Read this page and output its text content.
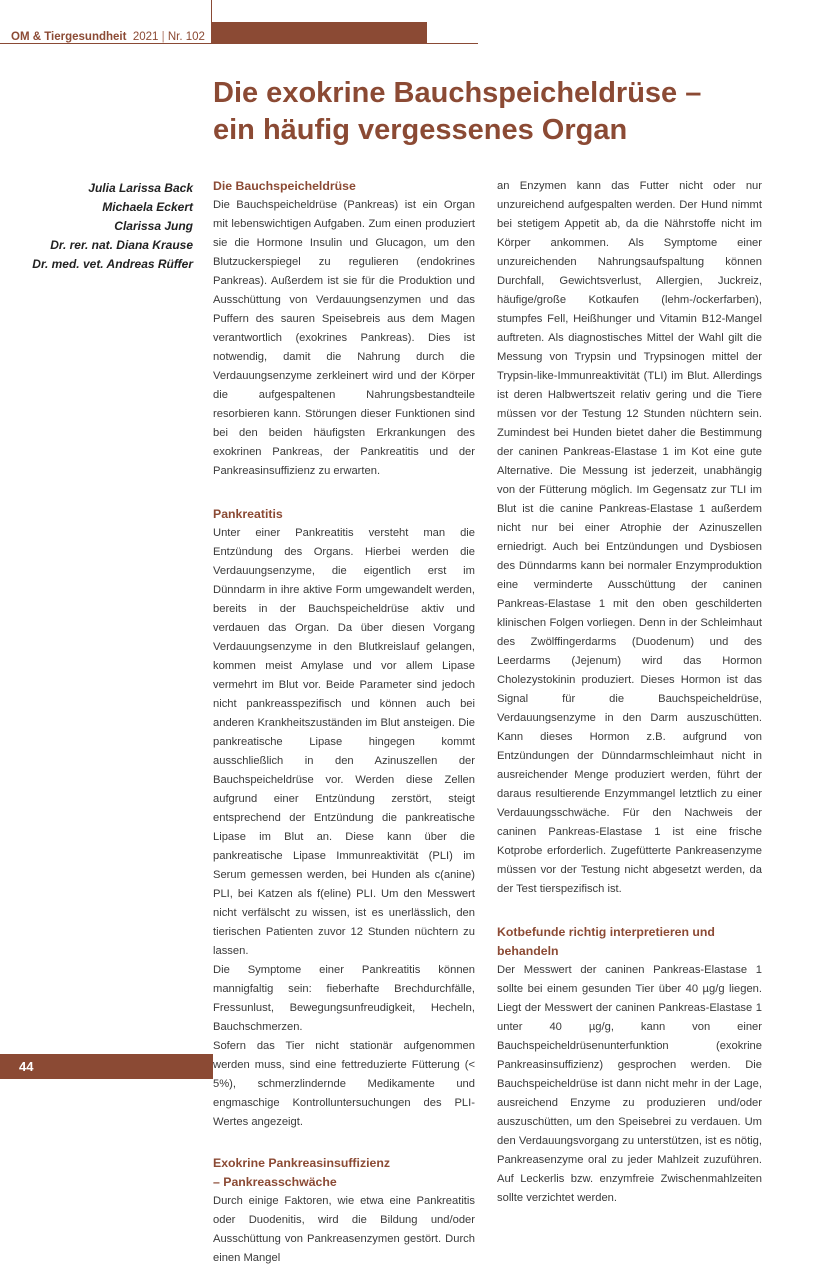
OM & Tiergesundheit 2021 | Nr. 102
Die exokrine Bauchspeicheldrüse –
ein häufig vergessenes Organ
Julia Larissa Back
Michaela Eckert
Clarissa Jung
Dr. rer. nat. Diana Krause
Dr. med. vet. Andreas Rüffer
Die Bauchspeicheldrüse

Die Bauchspeicheldrüse (Pankreas) ist ein Organ mit lebenswichtigen Aufgaben. Zum einen produziert sie die Hormone Insulin und Glucagon, um den Blutzuckerspiegel zu regulieren (endokrines Pankreas). Außerdem ist sie für die Produktion und Ausschüttung von Verdauungsenzymen und das Puffern des sauren Speisebreis aus dem Magen verantwortlich (exokrines Pankreas). Dies ist notwendig, damit die Nahrung durch die Verdauungsenzyme zerkleinert wird und der Körper die aufgespaltenen Nahrungsbestandteile resorbieren kann. Störungen dieser Funktionen sind bei den beiden häufigsten Erkrankungen des exokrinen Pankreas, der Pankreatitis und der Pankreasinsuffizienz zu erwarten.

Pankreatitis

Unter einer Pankreatitis versteht man die Entzündung des Organs. Hierbei werden die Verdauungsenzyme, die eigentlich erst im Dünndarm in ihre aktive Form umgewandelt werden, bereits in der Bauchspeicheldrüse aktiv und verdauen das Organ. Da über diesen Vorgang Verdauungsenzyme in den Blutkreislauf gelangen, kommen meist Amylase und vor allem Lipase vermehrt im Blut vor. Beide Parameter sind jedoch nicht pankreasspezifisch und können auch bei anderen Krankheitszuständen im Blut ansteigen. Die pankreatische Lipase hingegen kommt ausschließlich in den Azinuszellen der Bauchspeicheldrüse vor. Werden diese Zellen aufgrund einer Entzündung zerstört, steigt entsprechend der Entzündung die pankreatische Lipase im Blut an. Diese kann über die pankreatische Lipase Immunreaktivität (PLI) im Serum gemessen werden, bei Hunden als c(anine) PLI, bei Katzen als f(eline) PLI. Um den Messwert nicht verfälscht zu wissen, ist es unerlässlich, den tierischen Patienten zuvor 12 Stunden nüchtern zu lassen.

Die Symptome einer Pankreatitis können mannigfaltig sein: fieberhafte Brechdurchfälle, Fressunlust, Bewegungsunfreudigkeit, Hecheln, Bauchschmerzen.

Sofern das Tier nicht stationär aufgenommen werden muss, sind eine fettreduzierte Fütterung (< 5%), schmerzlindernde Medikamente und engmaschige Kontrolluntersuchungen des PLI-Wertes angezeigt.

Exokrine Pankreasinsuffizienz
– Pankreasschwäche

Durch einige Faktoren, wie etwa eine Pankreatitis oder Duodenitis, wird die Bildung und/oder Ausschüttung von Pankreasenzymen gestört. Durch einen Mangel

an Enzymen kann das Futter nicht oder nur unzureichend aufgespalten werden. Der Hund nimmt bei stetigem Appetit ab, da die Nährstoffe nicht im Körper ankommen. Als Symptome einer unzureichenden Nahrungsaufspaltung können Durchfall, Gewichtsverlust, Allergien, Juckreiz, häufige/große Kotkaufen (lehm-/ockerfarben), stumpfes Fell, Heißhunger und Vitamin B12-Mangel auftreten. Als diagnostisches Mittel der Wahl gilt die Messung von Trypsin und Trypsinogen mittel der Trypsin-like-Immunreaktivität (TLI) im Blut. Allerdings ist deren Halbwertszeit relativ gering und die Tiere müssen vor der Testung 12 Stunden nüchtern sein. Zumindest bei Hunden bietet daher die Bestimmung der caninen Pankreas-Elastase 1 im Kot eine gute Alternative. Die Messung ist jederzeit, unabhängig von der Fütterung möglich. Im Gegensatz zur TLI im Blut ist die canine Pankreas-Elastase 1 außerdem nicht nur bei einer Atrophie der Azinuszellen erniedrigt. Auch bei Entzündungen und Dysbiosen des Dünndarms kann bei normaler Enzymproduktion eine verminderte Ausschüttung der caninen Pankreas-Elastase 1 mit den oben geschilderten klinischen Folgen vorliegen. Denn in der Schleimhaut des Zwölffingerdarms (Duodenum) und des Leerdarms (Jejenum) wird das Hormon Cholezystokinin produziert. Dieses Hormon ist das Signal für die Bauchspeicheldrüse, Verdauungsenzyme in den Darm auszuschütten. Kann dieses Hormon z.B. aufgrund von Entzündungen der Dünndarmschleimhaut nicht in ausreichender Menge produziert werden, führt der daraus resultierende Enzymmangel letztlich zu einer Verdauungsschwäche. Für den Nachweis der caninen Pankreas-Elastase 1 ist eine frische Kotprobe erforderlich. Zugefütterte Pankreasenzyme müssen vor der Testung nicht abgesetzt werden, da der Test tierspezifisch ist.

Kotbefunde richtig interpretieren und
behandeln

Der Messwert der caninen Pankreas-Elastase 1 sollte bei einem gesunden Tier über 40 µg/g liegen. Liegt der Messwert der caninen Pankreas-Elastase 1 unter 40 µg/g, kann von einer Bauchspeicheldrüsenunterfunktion (exokrine Pankreasinsuffizienz) gesprochen werden. Die Bauchspeicheldrüse ist dann nicht mehr in der Lage, ausreichend Enzyme zu produzieren und/oder auszuschütten, um den Speisebrei zu verdauen. Um den Verdauungsvorgang zu unterstützen, ist es nötig, Pankreasenzyme oral zu jeder Mahlzeit zuzuführen. Auf Leckerlis bzw. enzymfreie Zwischenmahlzeiten sollte verzichtet werden.

44
